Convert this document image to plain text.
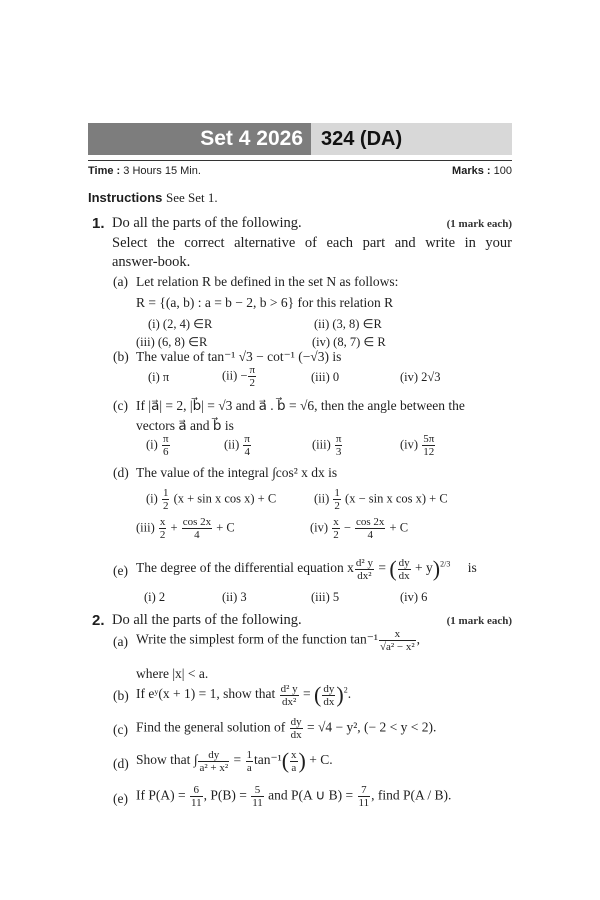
Set 4 2026 324 (DA)
Time : 3 Hours 15 Min.	Marks : 100
Instructions See Set 1.
1. Do all the parts of the following.	(1 mark each)
Select the correct alternative of each part and write in your
answer-book.
(a) Let relation R be defined in the set N as follows:
R = {(a, b) : a = b − 2, b > 6} for this relation R
(i) (2, 4) ∈R	(ii) (3, 8) ∈R
(iii) (6, 8) ∈R	(iv) (8, 7) ∈ R
(b) The value of tan⁻¹ √3 − cot⁻¹ (−√3) is
(i) π	$(ii) - \frac{\pi}{2}$	(iii) 0	(iv) 2√3
(c) If |a⃗| = 2, |b⃗| = √3 and a⃗ . b⃗ = √6, then the angle between the
vectors a⃗ and b⃗ is
$(i) \frac{\pi}{6}$	$(ii) \frac{\pi}{4}$	$(iii) \frac{\pi}{3}$	$(iv) \frac{5\pi}{12}$
(d) The value of the integral ∫cos² x dx is
$(i) \frac{1}{2} (x + \sin x$ cos x) + C	$(ii) \frac{1}{2} (x - \sin x$ cos x) + C
$(iii) \frac{x}{2} + \frac{\cos 2x}{4} + C$	$(iv) \frac{x}{2} - \frac{\cos 2x}{4} + C$
(e) The degree of the differential equation x $\frac{\text{d² y}}{\text{dx²}}$ = ( $\frac{dy}{dx} + y)^{2/3}$ is
(i) 2	(ii) 3	(iii) 5	(iv) 6
2. Do all the parts of the following.	(1 mark each)
(a) Write the simplest form of the function $\tan^{-1} \frac{x}{\text{√a² − x²}}$ ,
where |x| < a.
(b) If eʸ(x + 1) = 1, show that $\frac{\text{d² y}}{\text{dx²}}$ = ( $\frac{dy}{dx} )^2$.
(c) Find the general solution of $\frac{dy}{dx} = √4 - y^2$, (− 2 < y < 2).
(d) Show that ∫ $\frac{dy}{\text{a² + x²}} = \frac{1}{a} \tan^{-1}( \frac{x}{a}$ ) + C.
(e) If $P(A) = \frac{6}{11}$ , $P(B) = \frac{5}{11}$ and P(A ∪ $B) = \frac{7}{11}$ , find P(A / B).
